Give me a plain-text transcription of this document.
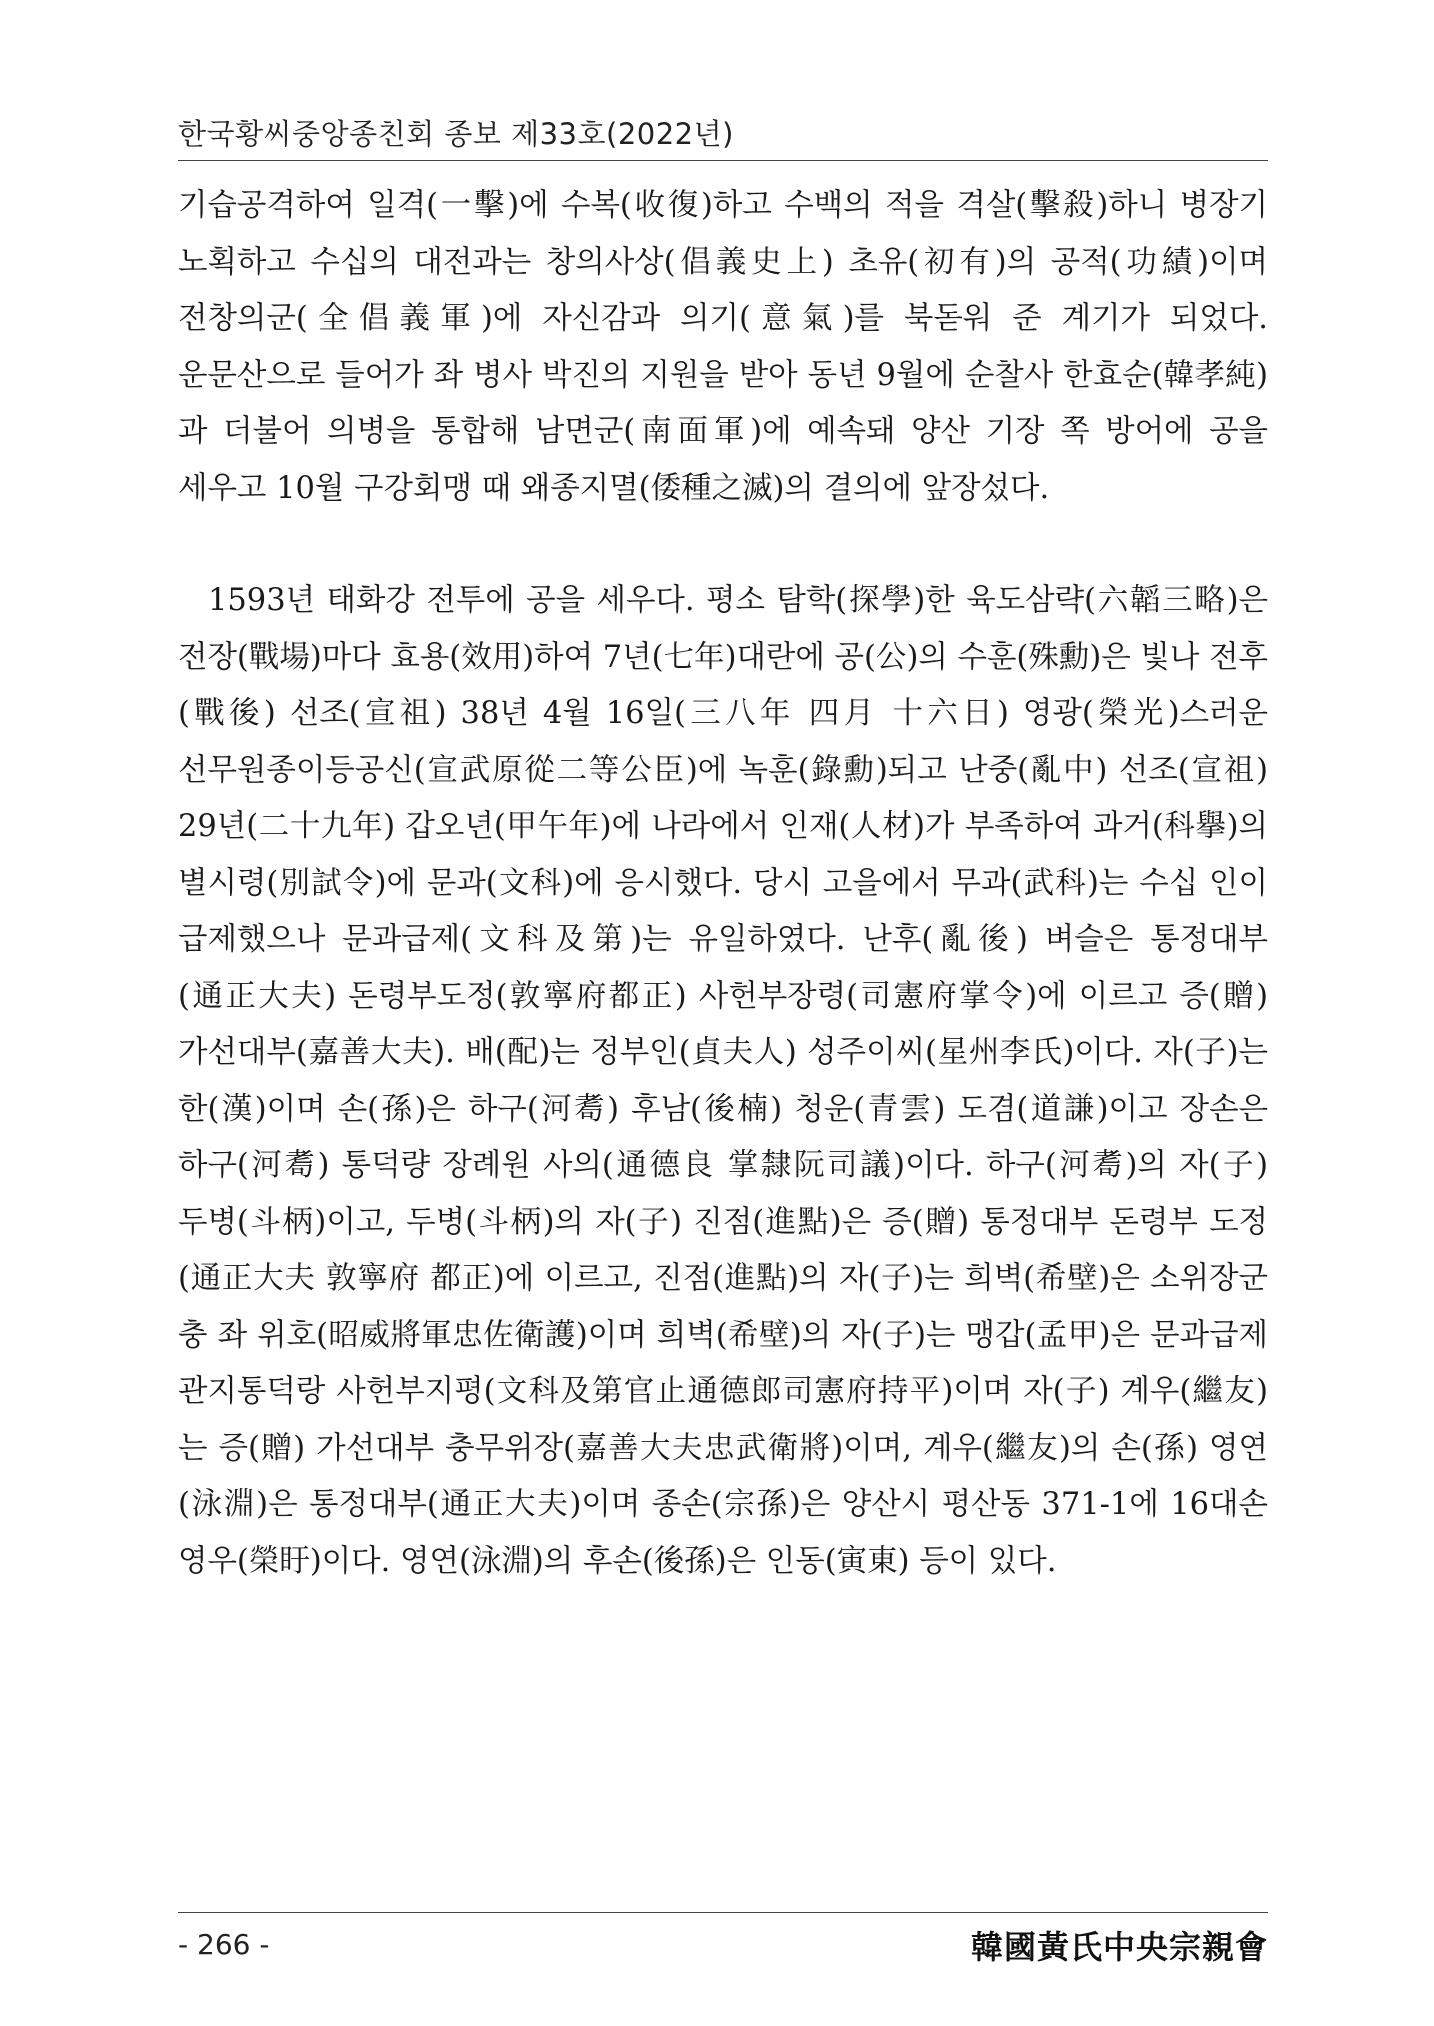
한국황씨중앙종친회 종보 제33호(2022년)

기습공격하여 일격(一擊)에 수복(收復)하고 수백의 적을 격살(擊殺)하니 병장기 노획하고 수십의 대전과는 창의사상(倡義史上) 초유(初有)의 공적(功績)이며 전창의군(全倡義軍)에 자신감과 의기(意氣)를 북돋워 준 계기가 되었다. 운문산으로 들어가 좌 병사 박진의 지원을 받아 동년 9월에 순찰사 한효순(韓孝純)과 더불어 의병을 통합해 남면군(南面軍)에 예속돼 양산 기장 쪽 방어에 공을 세우고 10월 구강회맹 때 왜종지멸(倭種之滅)의 결의에 앞장섰다.

1593년 태화강 전투에 공을 세우다. 평소 탐학(探學)한 육도삼략(六韜三略)은 전장(戰場)마다 효용(效用)하여 7년(七年)대란에 공(公)의 수훈(殊勳)은 빛나 전후(戰後) 선조(宣祖) 38년 4월 16일(三八年 四月 十六日) 영광(榮光)스러운 선무원종이등공신(宣武原從二等公臣)에 녹훈(錄勳)되고 난중(亂中) 선조(宣祖) 29년(二十九年) 갑오년(甲午年)에 나라에서 인재(人材)가 부족하여 과거(科擧)의 별시령(別試令)에 문과(文科)에 응시했다. 당시 고을에서 무과(武科)는 수십 인이 급제했으나 문과급제(文科及第)는 유일하였다. 난후(亂後) 벼슬은 통정대부(通正大夫) 돈령부도정(敦寧府都正) 사헌부장령(司憲府掌令)에 이르고 증(贈) 가선대부(嘉善大夫). 배(配)는 정부인(貞夫人) 성주이씨(星州李氏)이다. 자(子)는 한(漢)이며 손(孫)은 하구(河耈) 후남(後楠) 청운(青雲) 도겸(道謙)이고 장손은 하구(河耈) 통덕량 장례원 사의(通德良 掌隸阮司議)이다. 하구(河耈)의 자(子) 두병(斗柄)이고, 두병(斗柄)의 자(子) 진점(進點)은 증(贈) 통정대부 돈령부 도정(通正大夫 敦寧府 都正)에 이르고, 진점(進點)의 자(子)는 희벽(希壁)은 소위장군 충 좌 위호(昭威將軍忠佐衛護)이며 희벽(希壁)의 자(子)는 맹갑(孟甲)은 문과급제 관지통덕랑 사헌부지평(文科及第官止通德郎司憲府持平)이며 자(子) 계우(繼友)는 증(贈) 가선대부 충무위장(嘉善大夫忠武衛將)이며, 계우(繼友)의 손(孫) 영연(泳淵)은 통정대부(通正大夫)이며 종손(宗孫)은 양산시 평산동 371-1에 16대손 영우(榮盱)이다. 영연(泳淵)의 후손(後孫)은 인동(寅東) 등이 있다.

- 266 -	韓國黃氏中央宗親會
